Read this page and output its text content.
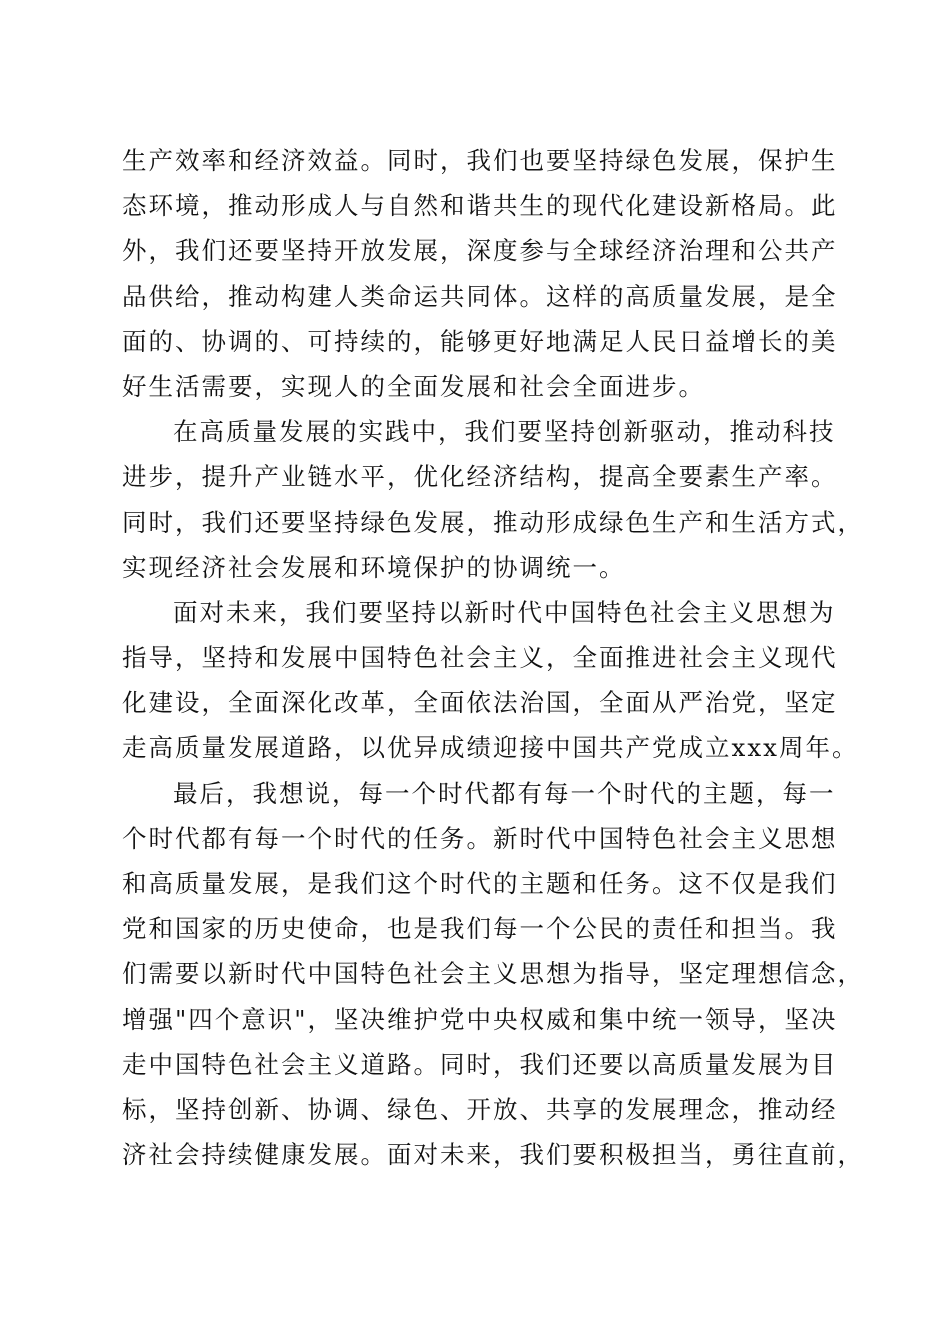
生产效率和经济效益。同时，我们也要坚持绿色发展，保护生
态环境，推动形成人与自然和谐共生的现代化建设新格局。此
外，我们还要坚持开放发展，深度参与全球经济治理和公共产
品供给，推动构建人类命运共同体。这样的高质量发展，是全
面的、协调的、可持续的，能够更好地满足人民日益增长的美
好生活需要，实现人的全面发展和社会全面进步。
在高质量发展的实践中，我们要坚持创新驱动，推动科技
进步，提升产业链水平，优化经济结构，提高全要素生产率。
同时，我们还要坚持绿色发展，推动形成绿色生产和生活方式，
实现经济社会发展和环境保护的协调统一。
面对未来，我们要坚持以新时代中国特色社会主义思想为
指导，坚持和发展中国特色社会主义，全面推进社会主义现代
化建设，全面深化改革，全面依法治国，全面从严治党，坚定
走高质量发展道路，以优异成绩迎接中国共产党成立xxx周年。
最后，我想说，每一个时代都有每一个时代的主题，每一
个时代都有每一个时代的任务。新时代中国特色社会主义思想
和高质量发展，是我们这个时代的主题和任务。这不仅是我们
党和国家的历史使命，也是我们每一个公民的责任和担当。我
们需要以新时代中国特色社会主义思想为指导，坚定理想信念，
增强"四个意识"，坚决维护党中央权威和集中统一领导，坚决
走中国特色社会主义道路。同时，我们还要以高质量发展为目
标，坚持创新、协调、绿色、开放、共享的发展理念，推动经
济社会持续健康发展。面对未来，我们要积极担当，勇往直前，
